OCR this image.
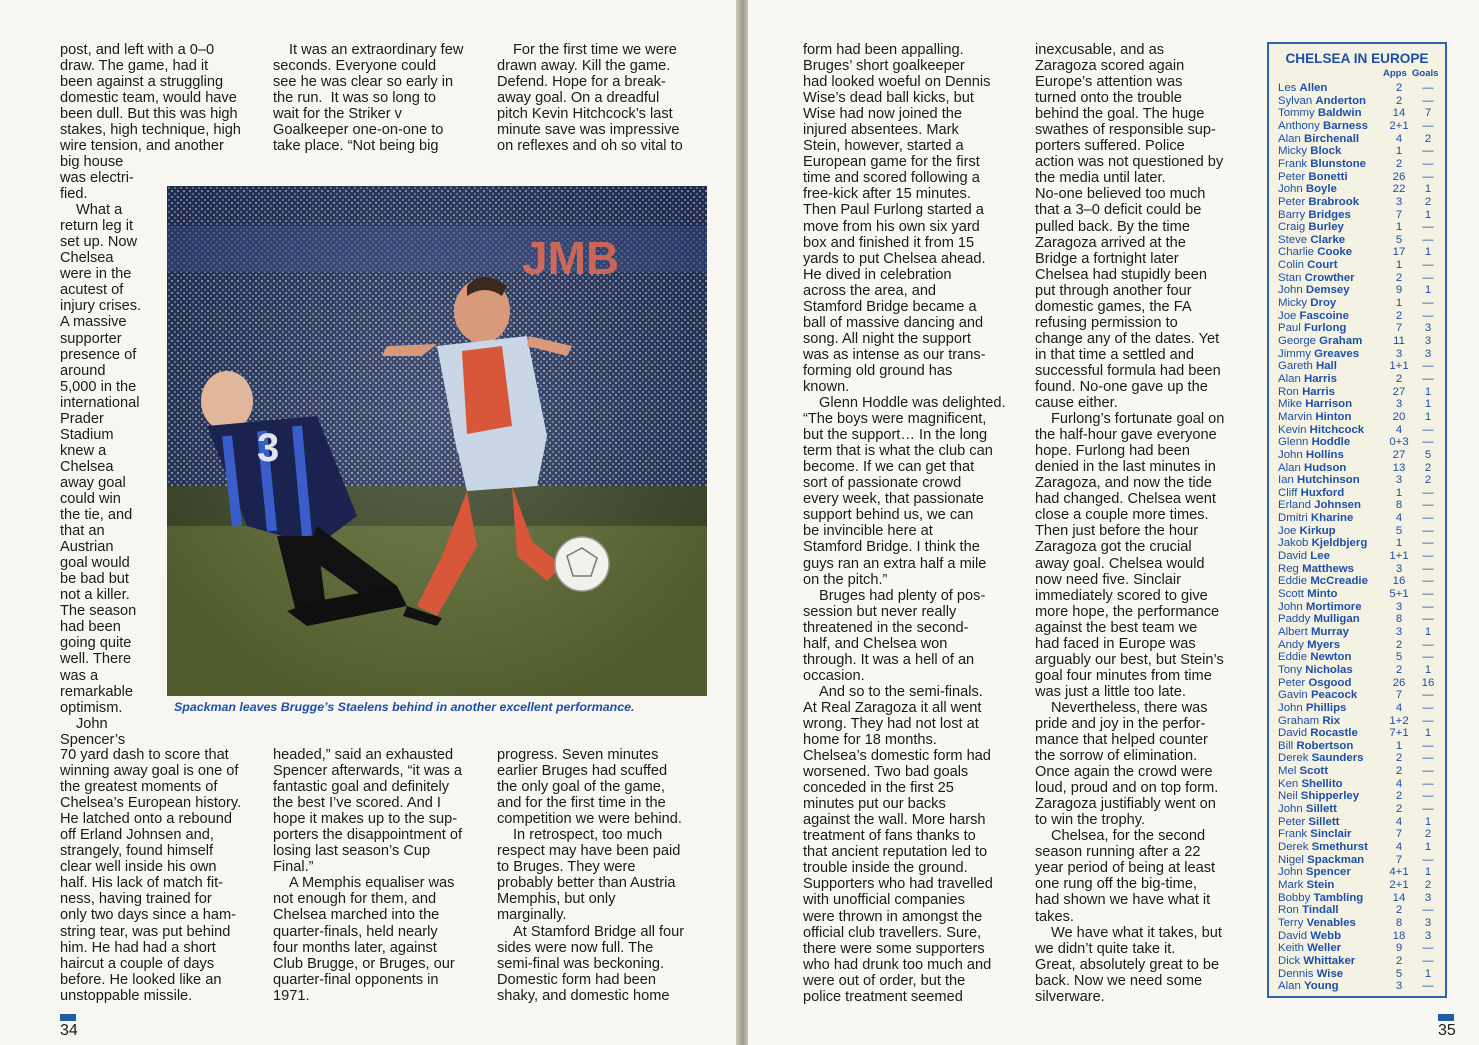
post, and left with a 0–0
draw. The game, had it
been against a struggling
domestic team, would have
been dull. But this was high
stakes, high technique, high
wire tension, and another
big house
was electri-
fied.
What a
return leg it
set up. Now
Chelsea
were in the
acutest of
injury crises.
A massive
supporter
presence of
around
5,000 in the
international
Prader
Stadium
knew a
Chelsea
away goal
could win
the tie, and
that an
Austrian
goal would
be bad but
not a killer.
The season
had been
going quite
well. There
was a
remarkable
optimism.
John
Spencer’s
70 yard dash to score that
winning away goal is one of
the greatest moments of
Chelsea’s European history.
He latched onto a rebound
off Erland Johnsen and,
strangely, found himself
clear well inside his own
half. His lack of match fit-
ness, having trained for
only two days since a ham-
string tear, was put behind
him. He had had a short
haircut a couple of days
before. He looked like an
unstoppable missile.
It was an extraordinary few
seconds. Everyone could
see he was clear so early in
the run.  It was so long to
wait for the Striker v
Goalkeeper one-on-one to
take place. “Not being big
headed,” said an exhausted
Spencer afterwards, “it was a
fantastic goal and definitely
the best I’ve scored. And I
hope it makes up to the sup-
porters the disappointment of
losing last season’s Cup
Final.”
A Memphis equaliser was
not enough for them, and
Chelsea marched into the
quarter-finals, held nearly
four months later, against
Club Brugge, or Bruges, our
quarter-final opponents in
1971.
For the first time we were
drawn away. Kill the game.
Defend. Hope for a break-
away goal. On a dreadful
pitch Kevin Hitchcock’s last
minute save was impressive
on reflexes and oh so vital to
progress. Seven minutes
earlier Bruges had scuffed
the only goal of the game,
and for the first time in the
competition we were behind.
In retrospect, too much
respect may have been paid
to Bruges. They were
probably better than Austria
Memphis, but only
marginally.
At Stamford Bridge all four
sides were now full. The
semi-final was beckoning.
Domestic form had been
shaky, and domestic home
3
Spackman leaves Brugge’s Staelens behind in another excellent performance.
34
form had been appalling.
Bruges’ short goalkeeper
had looked woeful on Dennis
Wise’s dead ball kicks, but
Wise had now joined the
injured absentees. Mark
Stein, however, started a
European game for the first
time and scored following a
free-kick after 15 minutes.
Then Paul Furlong started a
move from his own six yard
box and finished it from 15
yards to put Chelsea ahead.
He dived in celebration
across the area, and
Stamford Bridge became a
ball of massive dancing and
song. All night the support
was as intense as our trans-
forming old ground has
known.
Glenn Hoddle was delighted.
“The boys were magnificent,
but the support… In the long
term that is what the club can
become. If we can get that
sort of passionate crowd
every week, that passionate
support behind us, we can
be invincible here at
Stamford Bridge. I think the
guys ran an extra half a mile
on the pitch.”
Bruges had plenty of pos-
session but never really
threatened in the second-
half, and Chelsea won
through. It was a hell of an
occasion.
And so to the semi-finals.
At Real Zaragoza it all went
wrong. They had not lost at
home for 18 months.
Chelsea’s domestic form had
worsened. Two bad goals
conceded in the first 25
minutes put our backs
against the wall. More harsh
treatment of fans thanks to
that ancient reputation led to
trouble inside the ground.
Supporters who had travelled
with unofficial companies
were thrown in amongst the
official club travellers. Sure,
there were some supporters
who had drunk too much and
were out of order, but the
police treatment seemed
inexcusable, and as
Zaragoza scored again
Europe’s attention was
turned onto the trouble
behind the goal. The huge
swathes of responsible sup-
porters suffered. Police
action was not questioned by
the media until later.
No-one believed too much
that a 3–0 deficit could be
pulled back. By the time
Zaragoza arrived at the
Bridge a fortnight later
Chelsea had stupidly been
put through another four
domestic games, the FA
refusing permission to
change any of the dates. Yet
in that time a settled and
successful formula had been
found. No-one gave up the
cause either.
Furlong’s fortunate goal on
the half-hour gave everyone
hope. Furlong had been
denied in the last minutes in
Zaragoza, and now the tide
had changed. Chelsea went
close a couple more times.
Then just before the hour
Zaragoza got the crucial
away goal. Chelsea would
now need five. Sinclair
immediately scored to give
more hope, the performance
against the best team we
had faced in Europe was
arguably our best, but Stein’s
goal four minutes from time
was just a little too late.
Nevertheless, there was
pride and joy in the perfor-
mance that helped counter
the sorrow of elimination.
Once again the crowd were
loud, proud and on top form.
Zaragoza justifiably went on
to win the trophy.
Chelsea, for the second
season running after a 22
year period of being at least
one rung off the big-time,
had shown we have what it
takes.
We have what it takes, but
we didn’t quite take it.
Great, absolutely great to be
back. Now we need some
silverware.
35
CHELSEA IN EUROPE
Apps Goals
Les Allen	2	—
Sylvan Anderton	2	—
Tommy Baldwin	14	7
Anthony Barness	2+1	—
Alan Birchenall	4	2
Micky Block	1	—
Frank Blunstone	2	—
Peter Bonetti	26	—
John Boyle	22	1
Peter Brabrook	3	2
Barry Bridges	7	1
Craig Burley	1	—
Steve Clarke	5	—
Charlie Cooke	17	1
Colin Court	1	—
Stan Crowther	2	—
John Demsey	9	1
Micky Droy	1	—
Joe Fascoine	2	—
Paul Furlong	7	3
George Graham	11	3
Jimmy Greaves	3	3
Gareth Hall	1+1	—
Alan Harris	2	—
Ron Harris	27	1
Mike Harrison	3	1
Marvin Hinton	20	1
Kevin Hitchcock	4	—
Glenn Hoddle	0+3	—
John Hollins	27	5
Alan Hudson	13	2
Ian Hutchinson	3	2
Cliff Huxford	1	—
Erland Johnsen	8	—
Dmitri Kharine	4	—
Joe Kirkup	5	—
Jakob Kjeldbjerg	1	—
David Lee	1+1	—
Reg Matthews	3	—
Eddie McCreadie	16	—
Scott Minto	5+1	—
John Mortimore	3	—
Paddy Mulligan	8	—
Albert Murray	3	1
Andy Myers	2	—
Eddie Newton	5	—
Tony Nicholas	2	1
Peter Osgood	26	16
Gavin Peacock	7	—
John Phillips	4	—
Graham Rix	1+2	—
David Rocastle	7+1	1
Bill Robertson	1	—
Derek Saunders	2	—
Mel Scott	2	—
Ken Shellito	4	—
Neil Shipperley	2	—
John Sillett	2	—
Peter Sillett	4	1
Frank Sinclair	7	2
Derek Smethurst	4	1
Nigel Spackman	7	—
John Spencer	4+1	1
Mark Stein	2+1	2
Bobby Tambling	14	3
Ron Tindall	2	—
Terry Venables	8	3
David Webb	18	3
Keith Weller	9	—
Dick Whittaker	2	—
Dennis Wise	5	1
Alan Young	3	—
